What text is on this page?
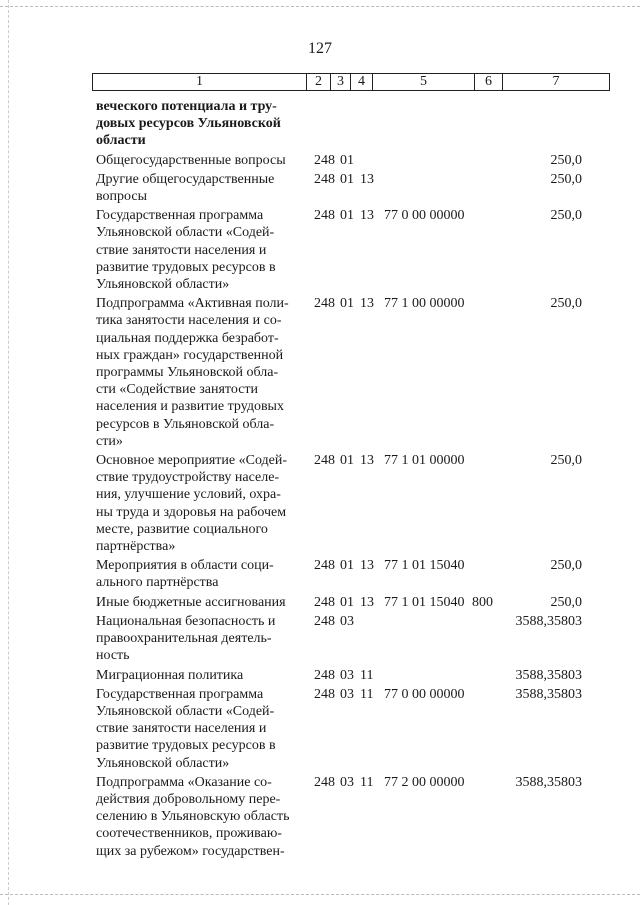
127
1	2	3	4	5	6	7
веческого потенциала и тру-
довых ресурсов Ульяновской
области
Общегосударственные вопросы	248 01	250,0
Другие общегосударственные
вопросы
248 01 13	250,0
Государственная программа
Ульяновской области «Содей-
ствие занятости населения и
развитие трудовых ресурсов в
Ульяновской области»
248 01 13 77 0 00 00000	250,0
Подпрограмма «Активная поли-
тика занятости населения и со-
циальная поддержка безработ-
ных граждан» государственной
программы Ульяновской обла-
сти «Содействие занятости
населения и развитие трудовых
ресурсов в Ульяновской обла-
сти»
248 01 13 77 1 00 00000	250,0
Основное мероприятие «Содей-
ствие трудоустройству населе-
ния, улучшение условий, охра-
ны труда и здоровья на рабочем
месте, развитие социального
партнёрства»
248 01 13 77 1 01 00000	250,0
Мероприятия в области соци-
ального партнёрства
248 01 13 77 1 01 15040	250,0
Иные бюджетные ассигнования	248 01 13 77 1 01 15040 800	250,0
Национальная безопасность и
правоохранительная деятель-
ность
248 03	3588,35803
Миграционная политика	248 03 11	3588,35803
Государственная программа
Ульяновской области «Содей-
ствие занятости населения и
развитие трудовых ресурсов в
Ульяновской области»
248 03 11 77 0 00 00000	3588,35803
Подпрограмма «Оказание со-
действия добровольному пере-
селению в Ульяновскую область
соотечественников, проживаю-
щих за рубежом» государствен-
248 03 11 77 2 00 00000	3588,35803
